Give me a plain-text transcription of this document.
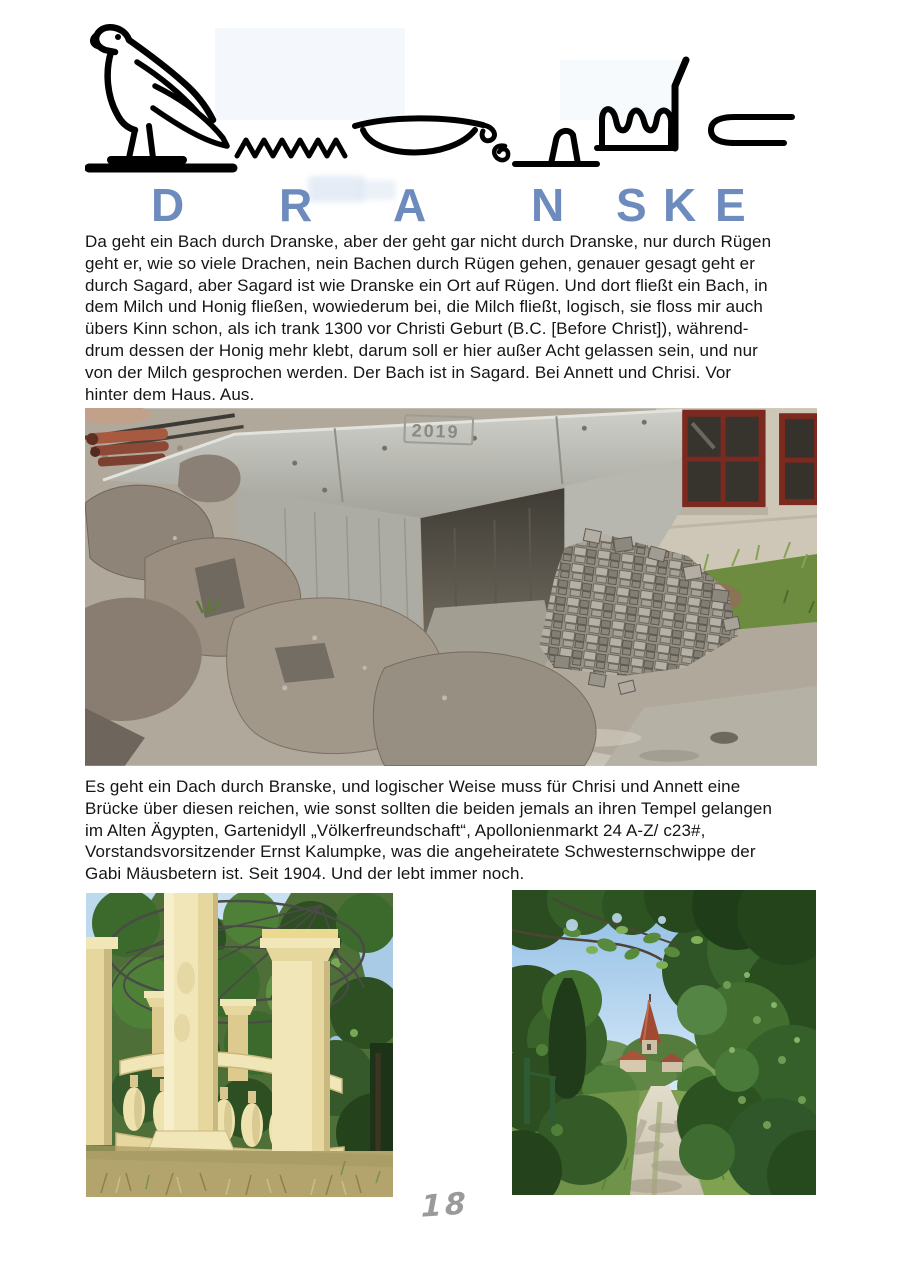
D R A N S K E
Da geht ein Bach durch Dranske, aber der geht gar nicht durch Dranske, nur durch Rügen
geht er, wie so viele Drachen, nein Bachen durch Rügen gehen, genauer gesagt geht er
durch Sagard, aber Sagard ist wie Dranske ein Ort auf Rügen. Und dort fließt ein Bach, in
dem Milch und Honig fließen, wowiederum bei, die Milch fließt, logisch, sie floss mir auch
übers Kinn schon, als ich trank 1300 vor Christi Geburt (B.C. [Before Christ]), während-
drum dessen der Honig mehr klebt, darum soll er hier außer Acht gelassen sein, und nur
von der Milch gesprochen werden. Der Bach ist in Sagard. Bei Annett und Chrisi. Vor
hinter dem Haus. Aus.
2019
Es geht ein Dach durch Branske, und logischer Weise muss für Chrisi und Annett eine
Brücke über diesen reichen, wie sonst sollten die beiden jemals an ihren Tempel gelangen
im Alten Ägypten, Gartenidyll „Völkerfreundschaft“, Apollonienmarkt 24 A-Z/ c23#,
Vorstandsvorsitzender Ernst Kalumpke, was die angeheiratete Schwesternschwippe der
Gabi Mäusbetern ist. Seit 1904. Und der lebt immer noch.
18
